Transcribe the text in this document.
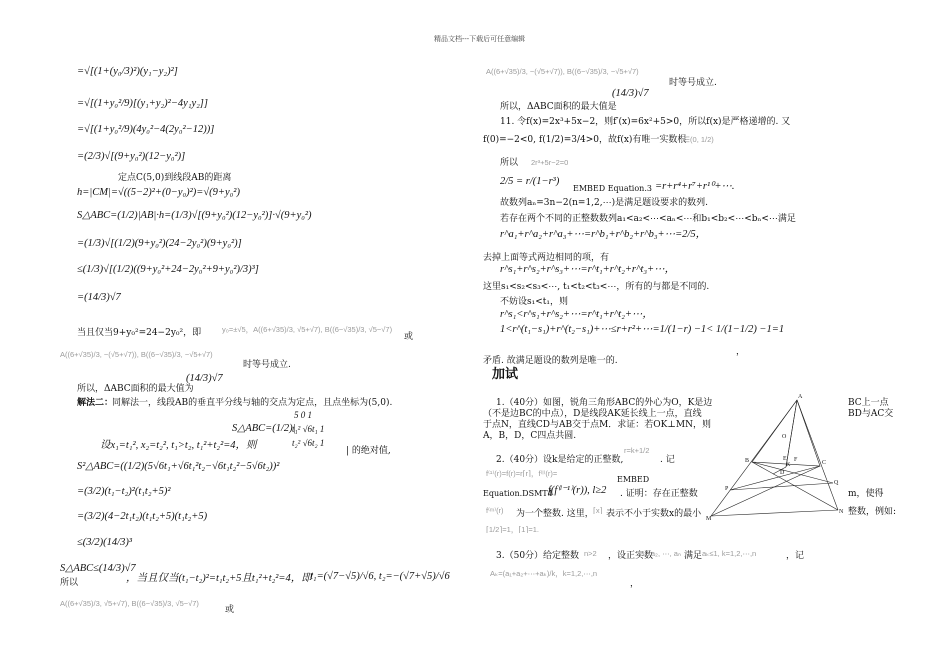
精品文档---下载后可任意编辑
=√[(1+(y₀/3)²)(y₁−y₂)²]
=√[(1+y₀²/9)[(y₁+y₂)²−4y₁y₂]]
=√[(1+y₀²/9)(4y₀²−4(2y₀²−12))]
=(2/3)√[(9+y₀²)(12−y₀²)]
定点C(5,0)到线段AB的距离
h=|CM|=√((5−2)²+(0−y₀)²)=√(9+y₀²)
S△ABC=(1/2)|AB|·h=(1/3)√[(9+y₀²)(12−y₀²)]·√(9+y₀²)
=(1/3)√[(1/2)(9+y₀²)(24−2y₀²)(9+y₀²)]
≤(1/3)√[(1/2)((9+y₀²+24−2y₀²+9+y₀²)/3)³]
=(14/3)√7
当且仅当9+y₀²=24−2y₀²，即	y₀=±√5，A((6+√35)/3, √5+√7), B((6−√35)/3, √5−√7)
或
A((6+√35)/3, −(√5+√7)), B((6−√35)/3, −√5+√7)
时等号成立.
所以，ΔABC面积的最大值为
(14/3)√7
解法二：
同解法一，线段AB的垂直平分线与轴的交点为定点，且点坐标为(5,0).
S△ABC=(1/2)|
5 0 1
t₁² √6t₁ 1
t₂² √6t₂ 1
| 的绝对值,
设x₁=t₁², x₂=t₂², t₁>t₂, t₁²+t₂²=4，则
S²△ABC=((1/2)(5√6t₁+√6t₁²t₂−√6t₁t₂²−5√6t₂))²
=(3/2)(t₁−t₂)²(t₁t₂+5)²
=(3/2)(4−2t₁t₂)(t₁t₂+5)(t₁t₂+5)
≤(3/2)(14/3)³
所以
S△ABC≤(14/3)√7
，当且仅当(t₁−t₂)²=t₁t₂+5且t₁²+t₂²=4，即
t₁=(√7−√5)/√6, t₂=−(√7+√5)/√6
A((6+√35)/3, √5+√7), B((6−√35)/3, √5−√7)
或
A((6+√35)/3, −(√5+√7)), B((6−√35)/3, −√5+√7)
时等号成立.
(14/3)√7
所以，ΔABC面积的最大值是
11. 令f(x)=2x³+5x−2，则f′(x)=6x²+5>0，所以f(x)是严格递增的. 又
f(0)=−2<0, f(1/2)=3/4>0，故f(x)有唯一实数根
r∈(0, 1/2)
所以 2r³+5r−2=0
2/5 = r/(1−r³)
EMBED Equation.3 =r+r⁴+r⁷+r¹⁰+⋯.
故数列aₙ=3n−2(n=1,2,⋯)是满足题设要求的数列.
若存在两个不同的正整数数列a₁<a₂<⋯<aₙ<⋯和b₁<b₂<⋯<bₙ<⋯满足
r^a₁+r^a₂+r^a₃+⋯=r^b₁+r^b₂+r^b₃+⋯=2/5，
去掉上面等式两边相同的项，有
r^s₁+r^s₂+r^s₃+⋯=r^t₁+r^t₂+r^t₃+⋯，
这里s₁<s₂<s₃<⋯, t₁<t₂<t₃<⋯，所有的与都是不同的.
不妨设s₁<t₁，则
r^s₁<r^s₁+r^s₂+⋯=r^t₁+r^t₂+⋯，
1<r^(t₁−s₁)+r^(t₂−s₁)+⋯≤r+r²+⋯=1/(1−r) −1< 1/(1−1/2) −1=1
，
矛盾. 故满足题设的数列是唯一的.
加试
1.（40分）如图，锐角三角形ABC的外心为O，K是边
（不是边BC的中点），D是线段AK延长线上一点，直线
于点N，直线CD与AB交于点M．求证：若OK⊥MN，则
A，B，D，C四点共圆.
BC上一点
BD与AC交
2.（40分）设k是给定的正整数,
r=k+1/2
. 记
f⁽¹⁾(r)=f(r)=r⌈r⌉，f⁽ˡ⁾(r)=
EMBED
Equation.DSMT4
f(f⁽ˡ⁻¹⁾(r)), l≥2 . 证明：存在正整数	m，使得
f⁽ᵐ⁾(r) 为一个整数. 这里， ⌈x⌉ 表示不小于实数x的最小	整数，例如:
⌈1/2⌉=1，⌈1⌉=1.
3.（50分）给定整数 n>2 ，设正实数
a₁, a₂, ⋯, aₙ 满足 aₖ≤1, k=1,2,⋯,n	，记
Aₖ=(a₁+a₂+⋯+aₖ)/k，k=1,2,⋯,n
，
A
O
B	C
K
D
P
Q
M
N
E F
